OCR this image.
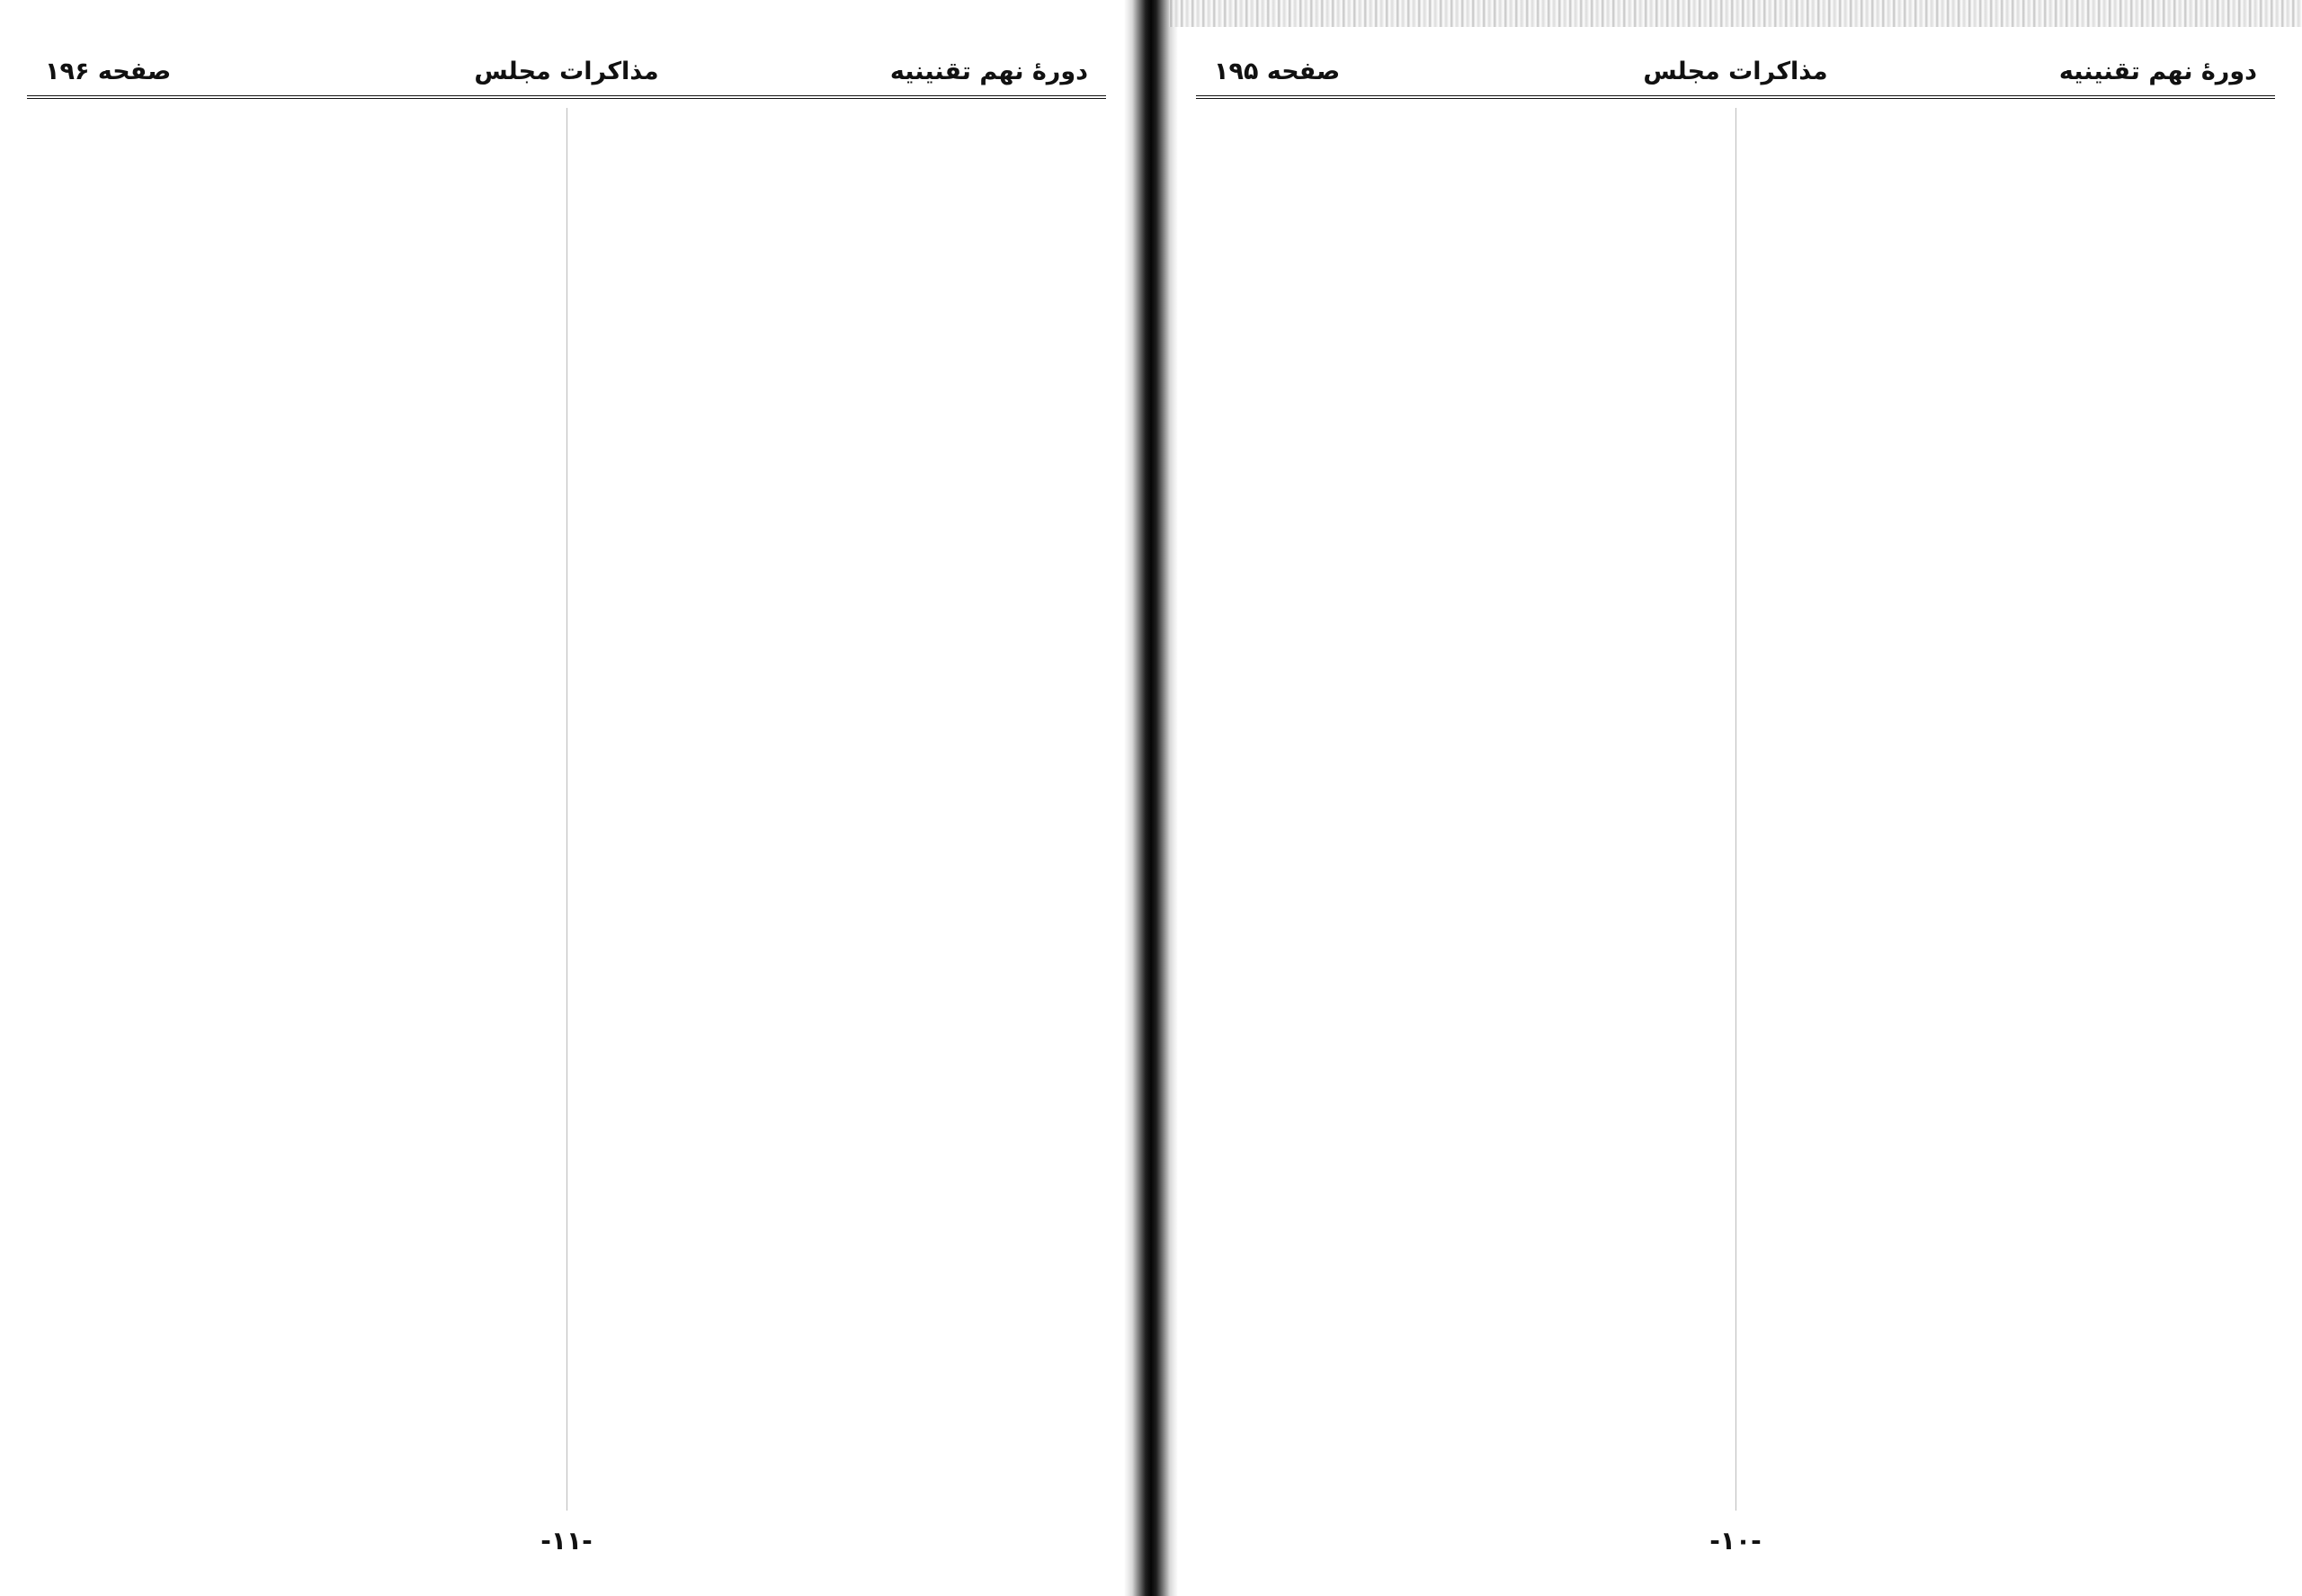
دورهٔ نهم تقنینیه
مذاکرات مجلس
صفحه ۱۹۶
-۱۱-
دورهٔ نهم تقنینیه
مذاکرات مجلس
صفحه ۱۹۵
-۱۰-
